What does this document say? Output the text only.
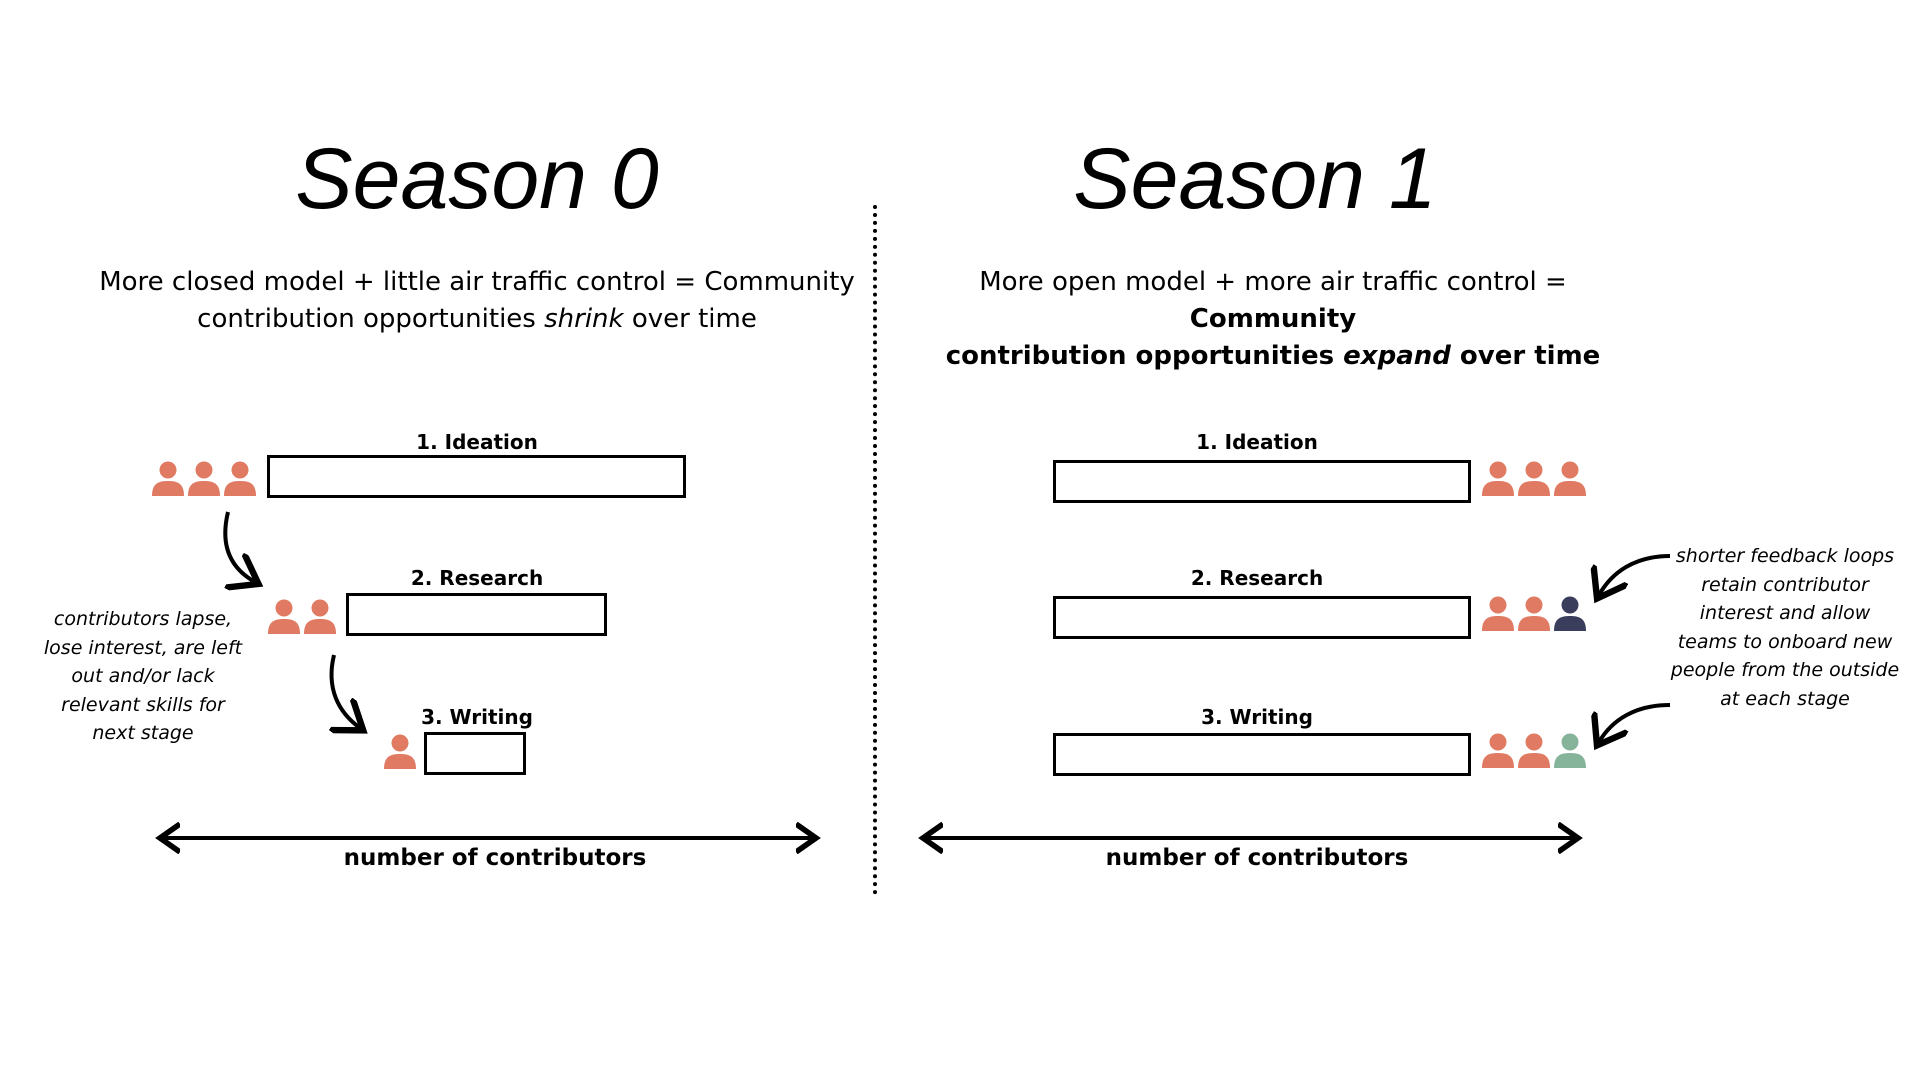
Season 0
More closed model + little air traffic control = Community
contribution opportunities shrink over time
1. Ideation
2. Research
3. Writing
contributors lapse,
lose interest, are left
out and/or lack
relevant skills for
next stage
number of contributors
Season 1
More open model + more air traffic control = Community
contribution opportunities expand over time
1. Ideation
2. Research
3. Writing
shorter feedback loops
retain contributor
interest and allow
teams to onboard new
people from the outside
at each stage
number of contributors
